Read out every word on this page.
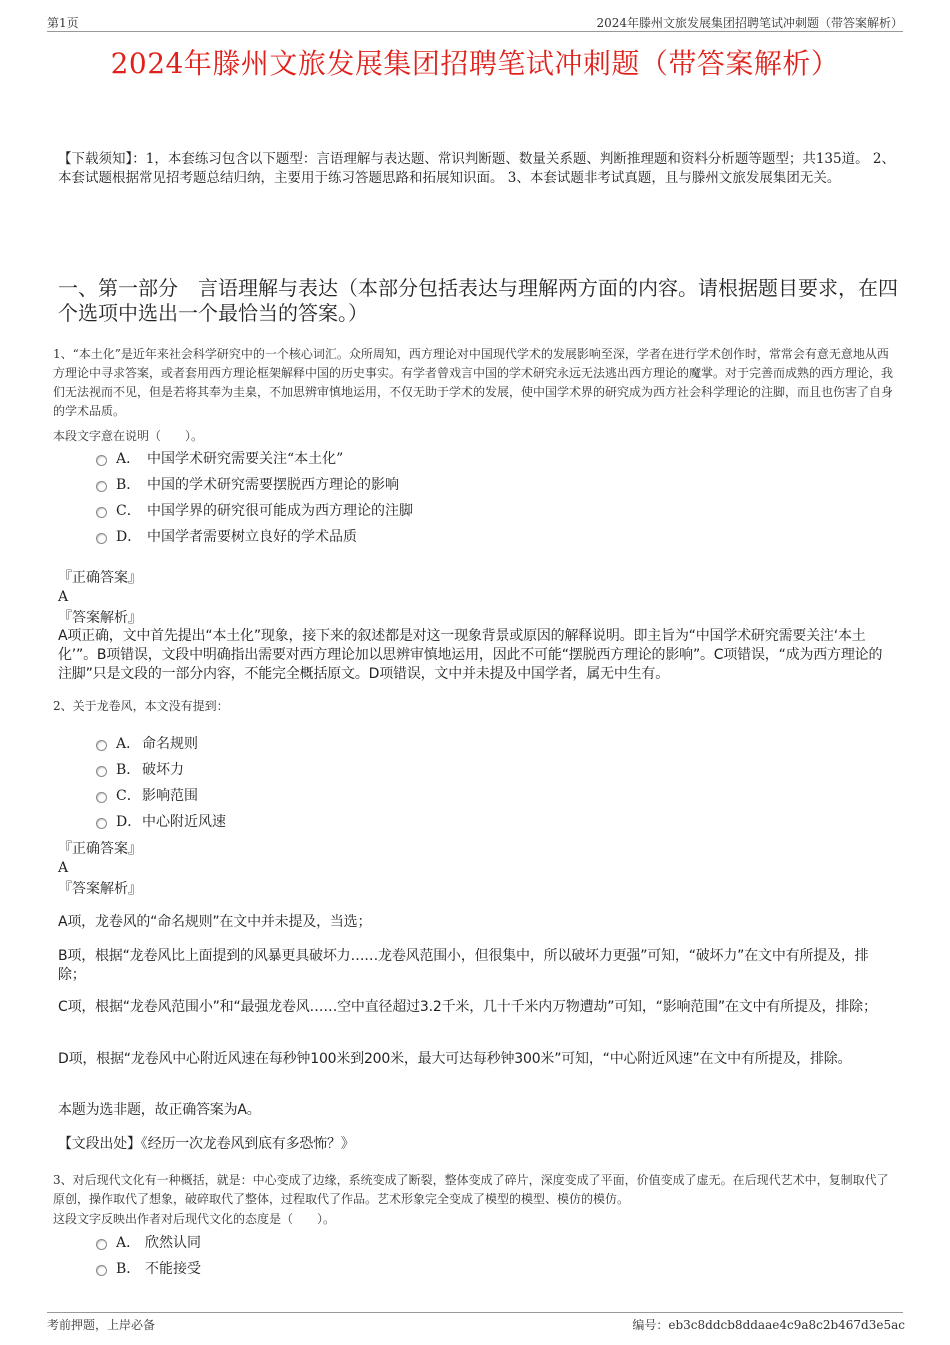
第1页	2024年滕州文旅发展集团招聘笔试冲刺题（带答案解析）
2024年滕州文旅发展集团招聘笔试冲刺题（带答案解析）
【下载须知】：1，本套练习包含以下题型：言语理解与表达题、常识判断题、数量关系题、判断推理题和资料分析题等题型；共135道。 2、本套试题根据常见招考题总结归纳，主要用于练习答题思路和拓展知识面。 3、本套试题非考试真题，且与滕州文旅发展集团无关。
一、第一部分　言语理解与表达（本部分包括表达与理解两方面的内容。请根据题目要求，在四个选项中选出一个最恰当的答案。）
1、“本土化”是近年来社会科学研究中的一个核心词汇。众所周知，西方理论对中国现代学术的发展影响至深，学者在进行学术创作时，常常会有意无意地从西方理论中寻求答案，或者套用西方理论框架解释中国的历史事实。有学者曾戏言中国的学术研究永远无法逃出西方理论的魔掌。对于完善而成熟的西方理论，我们无法视而不见，但是若将其奉为圭臬，不加思辨审慎地运用，不仅无助于学术的发展，使中国学术界的研究成为西方社会科学理论的注脚，而且也伤害了自身的学术品质。
本段文字意在说明（　　）。
A． 中国学术研究需要关注“本土化”
B． 中国的学术研究需要摆脱西方理论的影响
C． 中国学界的研究很可能成为西方理论的注脚
D． 中国学者需要树立良好的学术品质
『正确答案』
A
『答案解析』
A项正确，文中首先提出“本土化”现象，接下来的叙述都是对这一现象背景或原因的解释说明。即主旨为“中国学术研究需要关注‘本土化’”。B项错误，文段中明确指出需要对西方理论加以思辨审慎地运用，因此不可能“摆脱西方理论的影响”。C项错误，“成为西方理论的注脚”只是文段的一部分内容，不能完全概括原文。D项错误，文中并未提及中国学者，属无中生有。
2、关于龙卷风，本文没有提到：
A． 命名规则
B． 破坏力
C． 影响范围
D． 中心附近风速
『正确答案』
A
『答案解析』
A项，龙卷风的“命名规则”在文中并未提及，当选；
B项，根据“龙卷风比上面提到的风暴更具破坏力……龙卷风范围小，但很集中，所以破坏力更强”可知，“破坏力”在文中有所提及，排除；
C项，根据“龙卷风范围小”和“最强龙卷风……空中直径超过3.2千米，几十千米内万物遭劫”可知，“影响范围”在文中有所提及，排除；
D项，根据“龙卷风中心附近风速在每秒钟100米到200米，最大可达每秒钟300米”可知，“中心附近风速”在文中有所提及，排除。
本题为选非题，故正确答案为A。
【文段出处】《经历一次龙卷风到底有多恐怖？》
3、对后现代文化有一种概括，就是：中心变成了边缘，系统变成了断裂，整体变成了碎片，深度变成了平面，价值变成了虚无。在后现代艺术中，复制取代了原创，操作取代了想象，破碎取代了整体，过程取代了作品。艺术形象完全变成了模型的模型、模仿的模仿。
这段文字反映出作者对后现代文化的态度是（　　）。
A． 欣然认同
B． 不能接受
考前押题，上岸必备	编号：eb3c8ddcb8ddaae4c9a8c2b467d3e5ac
